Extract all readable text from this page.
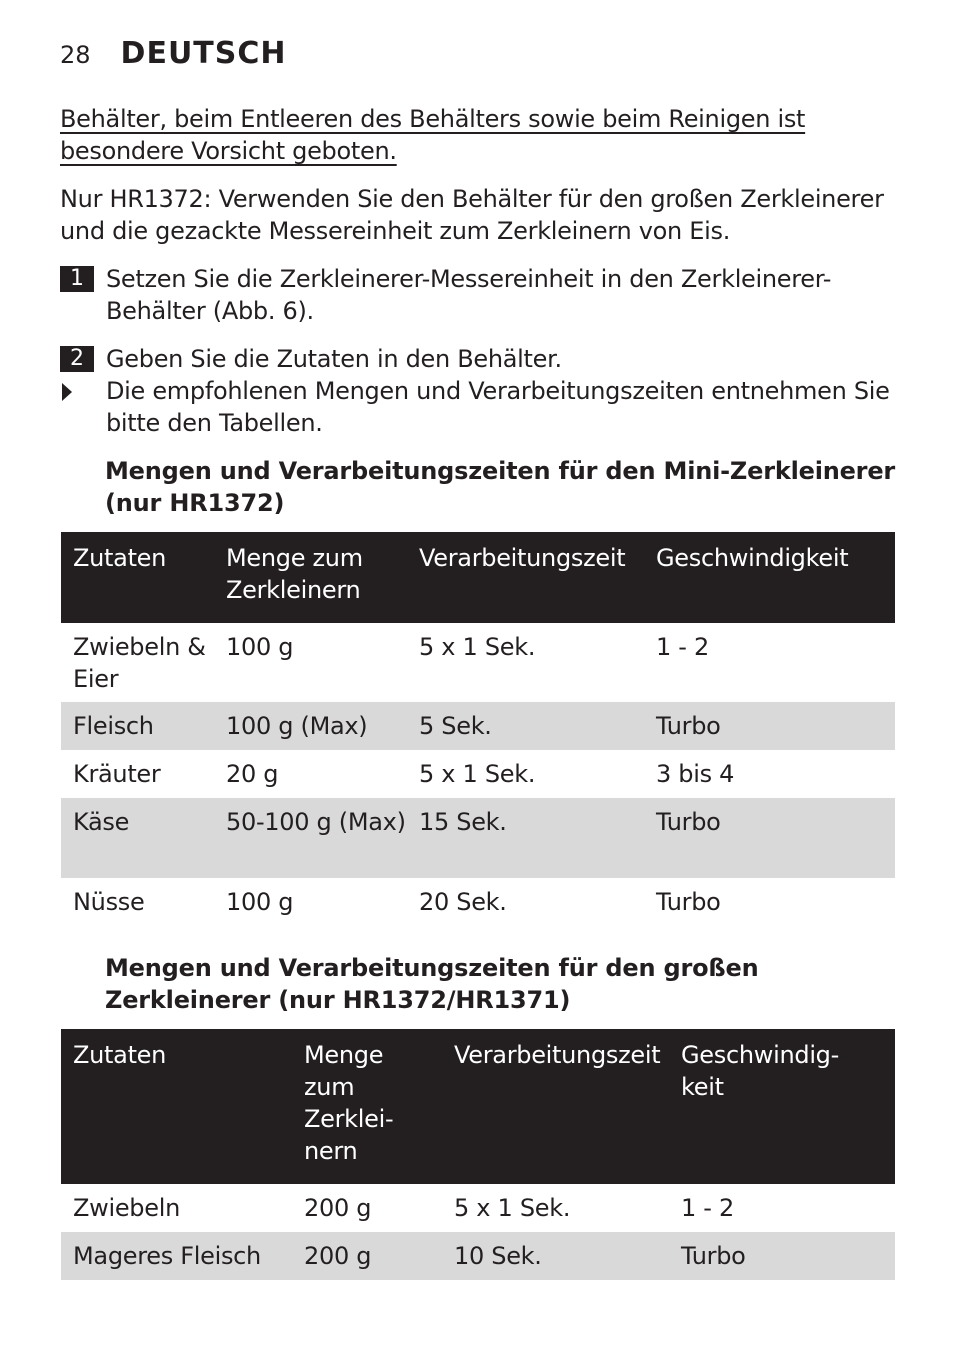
28 DEUTSCH
Behälter, beim Entleeren des Behälters sowie beim Reinigen ist
besondere Vorsicht geboten.
Nur HR1372: Verwenden Sie den Behälter für den großen Zerkleinerer und die gezackte Messereinheit zum Zerkleinern von Eis.
1 Setzen Sie die Zerkleinerer-Messereinheit in den Zerkleinerer-Behälter (Abb. 6).
2 Geben Sie die Zutaten in den Behälter.
Die empfohlenen Mengen und Verarbeitungszeiten entnehmen Sie bitte den Tabellen.
Mengen und Verarbeitungszeiten für den Mini-Zerkleinerer (nur HR1372)
Zutaten	Menge zum Zerkleinern	Verarbeitungszeit	Geschwindigkeit
Zwiebeln & Eier	100 g	5 x 1 Sek.	1 - 2
Fleisch	100 g (Max)	5 Sek.	Turbo
Kräuter	20 g	5 x 1 Sek.	3 bis 4
Käse	50-100 g (Max)	15 Sek.	Turbo
Nüsse	100 g	20 Sek.	Turbo
Mengen und Verarbeitungszeiten für den großen Zerkleinerer (nur HR1372/HR1371)
Zutaten	Menge zum Zerklei-nern	Verarbeitungszeit	Geschwindig-keit
Zwiebeln	200 g	5 x 1 Sek.	1 - 2
Mageres Fleisch	200 g	10 Sek.	Turbo
